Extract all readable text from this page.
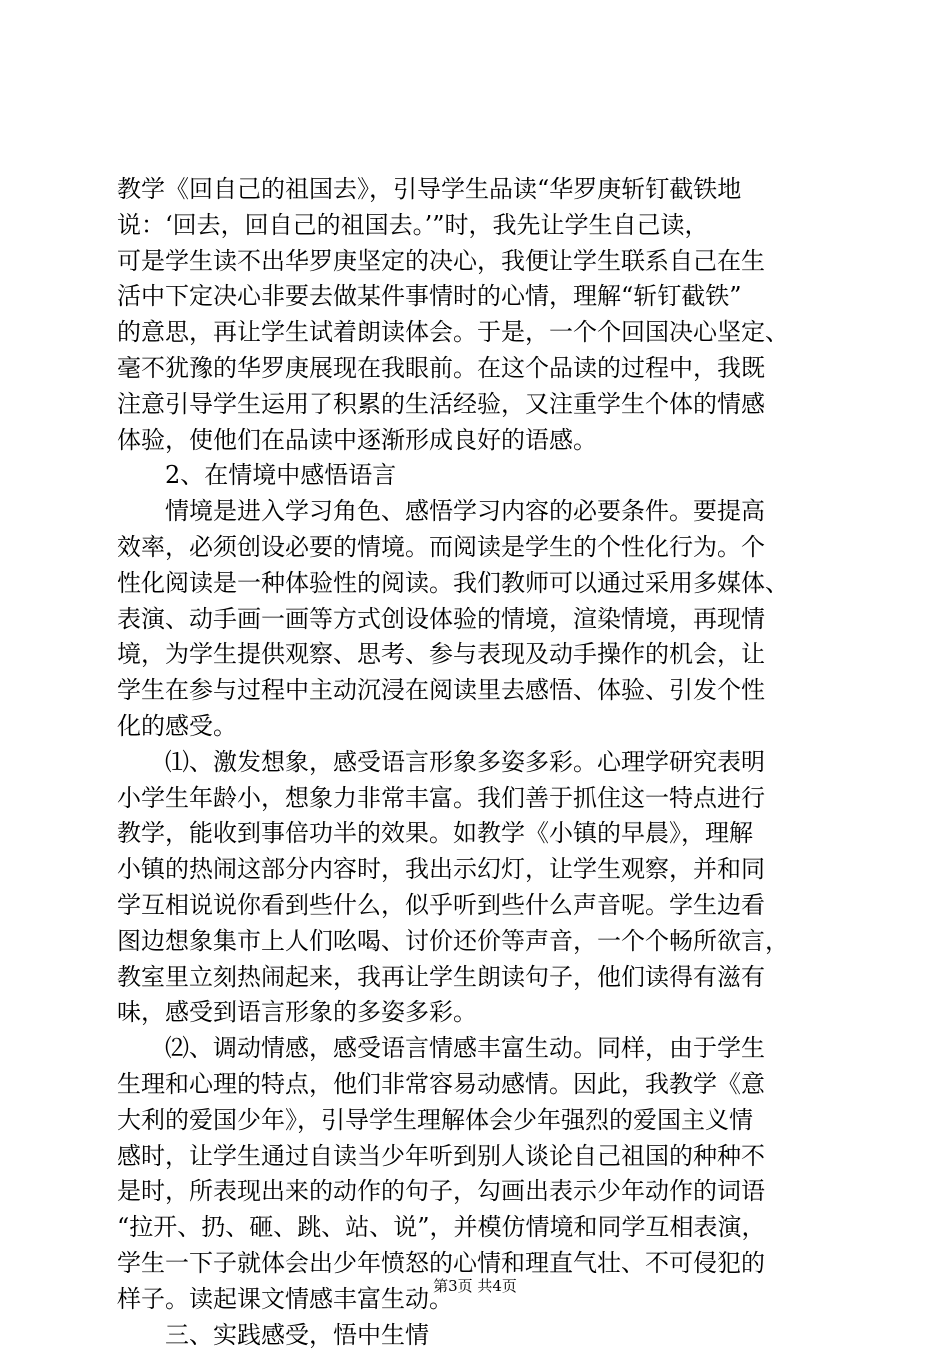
教学《回自己的祖国去》，引导学生品读“华罗庚斩钉截铁地
说：‘回去，回自己的祖国去。’”时，我先让学生自己读，
可是学生读不出华罗庚坚定的决心，我便让学生联系自己在生
活中下定决心非要去做某件事情时的心情，理解“斩钉截铁”
的意思，再让学生试着朗读体会。于是，一个个回国决心坚定、
毫不犹豫的华罗庚展现在我眼前。在这个品读的过程中，我既
注意引导学生运用了积累的生活经验，又注重学生个体的情感
体验，使他们在品读中逐渐形成良好的语感。
　　2、在情境中感悟语言
　　情境是进入学习角色、感悟学习内容的必要条件。要提高
效率，必须创设必要的情境。而阅读是学生的个性化行为。个
性化阅读是一种体验性的阅读。我们教师可以通过采用多媒体、
表演、动手画一画等方式创设体验的情境，渲染情境，再现情
境，为学生提供观察、思考、参与表现及动手操作的机会，让
学生在参与过程中主动沉浸在阅读里去感悟、体验、引发个性
化的感受。
　　⑴、激发想象，感受语言形象多姿多彩。心理学研究表明
小学生年龄小，想象力非常丰富。我们善于抓住这一特点进行
教学，能收到事倍功半的效果。如教学《小镇的早晨》，理解
小镇的热闹这部分内容时，我出示幻灯，让学生观察，并和同
学互相说说你看到些什么，似乎听到些什么声音呢。学生边看
图边想象集市上人们吆喝、讨价还价等声音，一个个畅所欲言，
教室里立刻热闹起来，我再让学生朗读句子，他们读得有滋有
味，感受到语言形象的多姿多彩。
　　⑵、调动情感，感受语言情感丰富生动。同样，由于学生
生理和心理的特点，他们非常容易动感情。因此，我教学《意
大利的爱国少年》，引导学生理解体会少年强烈的爱国主义情
感时，让学生通过自读当少年听到别人谈论自己祖国的种种不
是时，所表现出来的动作的句子，勾画出表示少年动作的词语
“拉开、扔、砸、跳、站、说”，并模仿情境和同学互相表演，
学生一下子就体会出少年愤怒的心情和理直气壮、不可侵犯的
样子。读起课文情感丰富生动。
　　三、实践感受，悟中生情
第3页 共4页
